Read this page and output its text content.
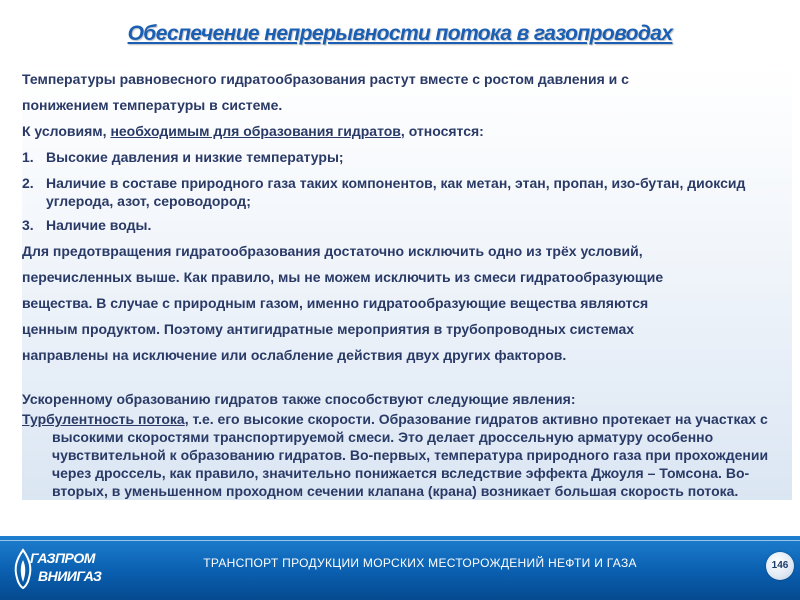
Обеспечение непрерывности потока в газопроводах
Температуры равновесного гидратообразования растут вместе с ростом давления и с
понижением температуры в системе.
К условиям, необходимым для образования гидратов, относятся:
1. Высокие давления и низкие температуры;
2. Наличие в составе природного газа таких компонентов, как метан, этан, пропан, изо-бутан, диоксид углерода, азот, сероводород;
3. Наличие воды.
Для предотвращения гидратообразования достаточно исключить одно из трёх условий,
перечисленных выше. Как правило, мы не можем исключить из смеси гидратообразующие
вещества. В случае с природным газом, именно гидратообразующие вещества являются
ценным продуктом. Поэтому антигидратные мероприятия в трубопроводных системах
направлены на исключение или ослабление действия двух других факторов.
Ускоренному образованию гидратов также способствуют следующие явления:
Турбулентность потока, т.е. его высокие скорости. Образование гидратов активно протекает на участках с высокими скоростями транспортируемой смеси. Это делает дроссельную арматуру особенно чувствительной к образованию гидратов. Во-первых, температура природного газа при прохождении через дроссель, как правило, значительно понижается вследствие эффекта Джоуля – Томсона. Во-вторых, в уменьшенном проходном сечении клапана (крана) возникает большая скорость потока.
ГАЗПРОМ
ВНИИГАЗ
ТРАНСПОРТ ПРОДУКЦИИ МОРСКИХ МЕСТОРОЖДЕНИЙ НЕФТИ И ГАЗА	146
